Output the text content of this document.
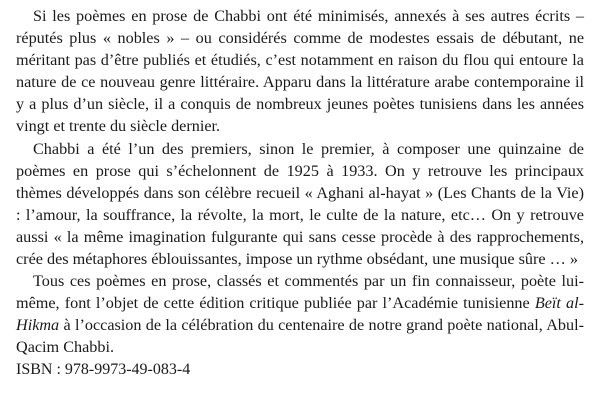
Si les poèmes en prose de Chabbi ont été minimisés, annexés à ses autres écrits – réputés plus « nobles » – ou considérés comme de modestes essais de débutant, ne méritant pas d’être publiés et étudiés, c’est notamment en raison du flou qui entoure la nature de ce nouveau genre littéraire. Apparu dans la littérature arabe contemporaine il y a plus d’un siècle, il a conquis de nombreux jeunes poètes tunisiens dans les années vingt et trente du siècle dernier.

Chabbi a été l’un des premiers, sinon le premier, à composer une quinzaine de poèmes en prose qui s’échelonnent de 1925 à 1933. On y retrouve les principaux thèmes développés dans son célèbre recueil « Aghani al-hayat » (Les Chants de la Vie) : l’amour, la souffrance, la révolte, la mort, le culte de la nature, etc… On y retrouve aussi « la même imagination fulgurante qui sans cesse procède à des rapprochements, crée des métaphores éblouissantes, impose un rythme obsédant, une musique sûre … »

Tous ces poèmes en prose, classés et commentés par un fin connaisseur, poète lui-même, font l’objet de cette édition critique publiée par l’Académie tunisienne Beït al-Hikma à l’occasion de la célébration du centenaire de notre grand poète national, Abul-Qacim Chabbi.

ISBN : 978-9973-49-083-4
